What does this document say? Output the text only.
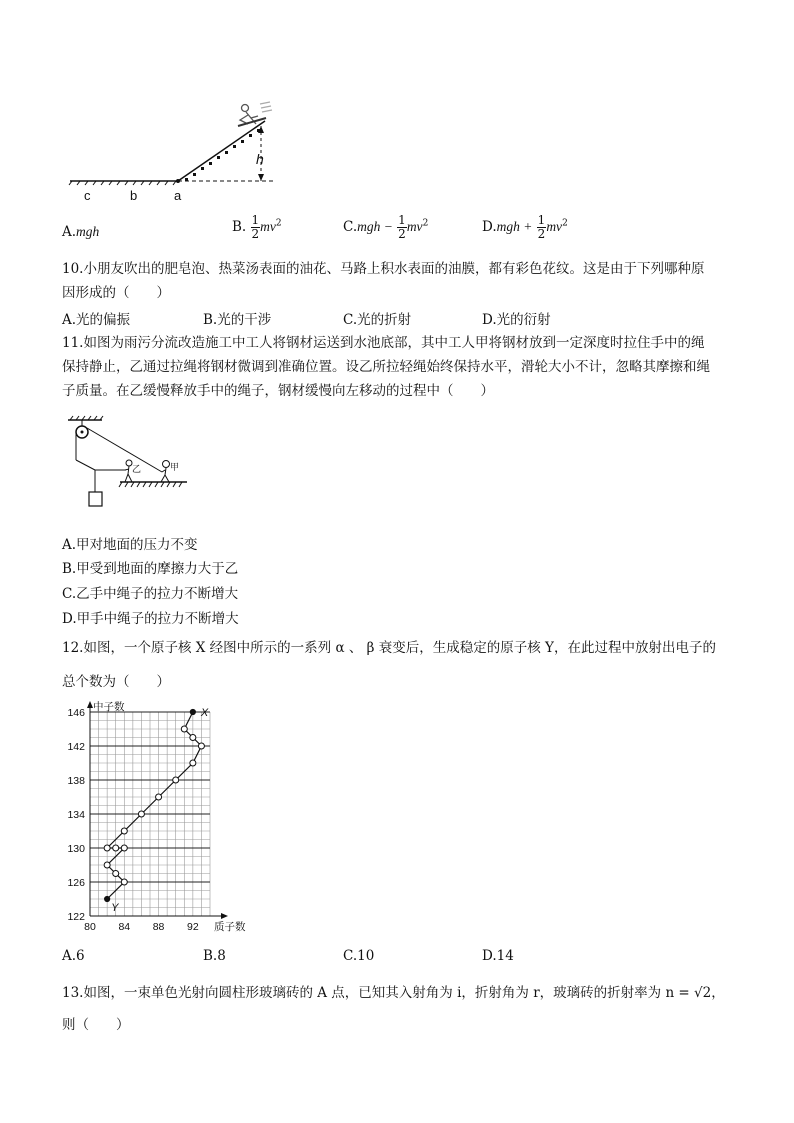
c	b	a
h
A.mgh	B. $\frac{1}{2} mv^2$	$C.mgh - \frac{1}{2} mv^2$	$D.mgh + \frac{1}{2} mv^2$
10.小朋友吹出的肥皂泡、热菜汤表面的油花、马路上积水表面的油膜，都有彩色花纹。这是由于下列哪种原
因形成的（　　）
A.光的偏振	B.光的干涉	C.光的折射	D.光的衍射
11.如图为雨污分流改造施工中工人将钢材运送到水池底部，其中工人甲将钢材放到一定深度时拉住手中的绳
保持静止，乙通过拉绳将钢材微调到准确位置。设乙所拉轻绳始终保持水平，滑轮大小不计，忽略其摩擦和绳
子质量。在乙缓慢释放手中的绳子，钢材缓慢向左移动的过程中（　　）
乙	甲
A.甲对地面的压力不变
B.甲受到地面的摩擦力大于乙
C.乙手中绳子的拉力不断增大
D.甲手中绳子的拉力不断增大
12.如图，一个原子核 X 经图中所示的一系列 α 、 β 衰变后，生成稳定的原子核 Y，在此过程中放射出电子的
总个数为（　　）
122
126
130
134
138
142
146
80 84 88 92 质子数
中子数	X
Y
A.6	B.8	C.10	D.14
13.如图，一束单色光射向圆柱形玻璃砖的 A 点，已知其入射角为 i，折射角为 r，玻璃砖的折射率为 n = √2，
则（　　）
